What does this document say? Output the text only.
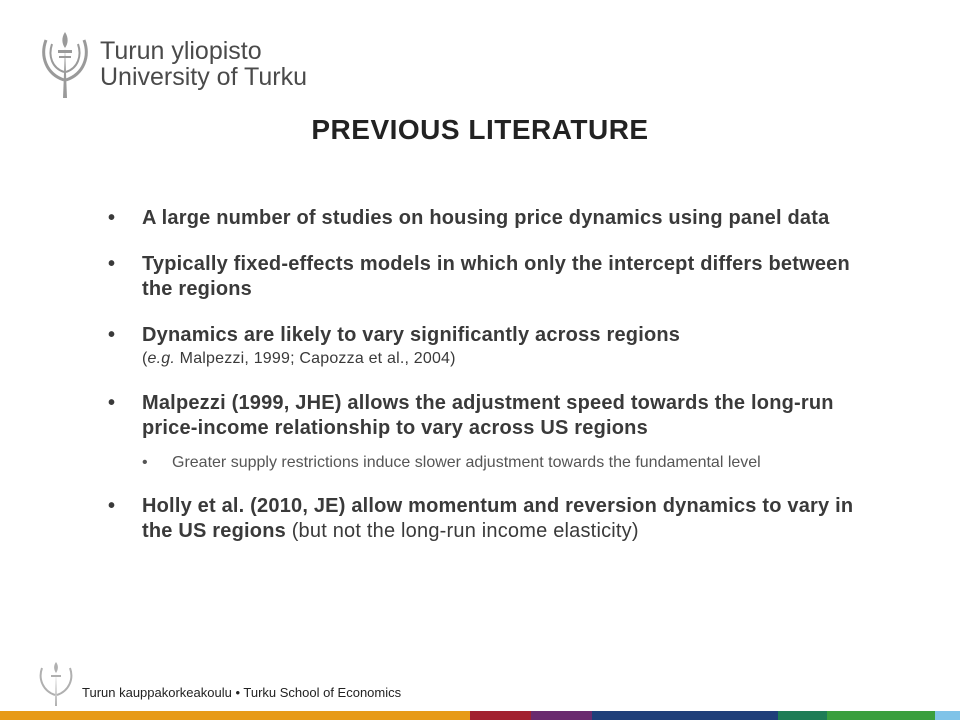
Turun yliopisto
University of Turku
PREVIOUS LITERATURE
• A large number of studies on housing price dynamics using panel data
• Typically fixed-effects models in which only the intercept differs between the regions
• Dynamics are likely to vary significantly across regions
(e.g. Malpezzi, 1999; Capozza et al., 2004)
• Malpezzi (1999, JHE) allows the adjustment speed towards the long-run price-income relationship to vary across US regions
• Greater supply restrictions induce slower adjustment towards the fundamental level
• Holly et al. (2010, JE) allow momentum and reversion dynamics to vary in the US regions (but not the long-run income elasticity)
Turun kauppakorkeakoulu • Turku School of Economics
